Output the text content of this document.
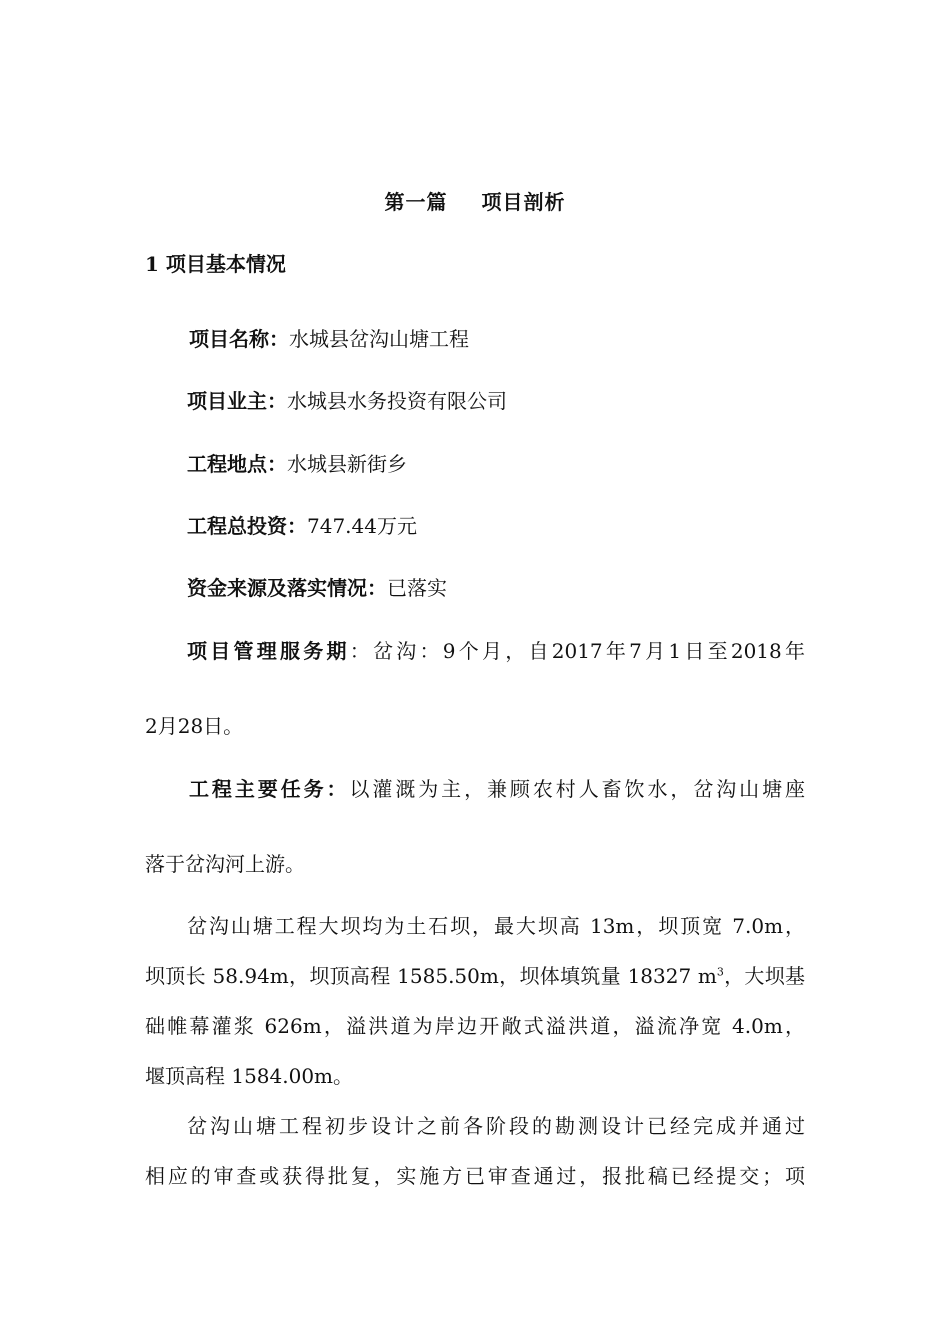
第一篇 项目剖析
1 项目基本情况
项目名称：水城县岔沟山塘工程
项目业主：水城县水务投资有限公司
工程地点：水城县新街乡
工程总投资：747.44万元
资金来源及落实情况：已落实
项目管理服务期：岔沟：9个月，自2017年7月1日至2018年
2月28日。
工程主要任务：以灌溉为主，兼顾农村人畜饮水，岔沟山塘座
落于岔沟河上游。
岔沟山塘工程大坝均为土石坝，最大坝高 13m，坝顶宽 7.0m，
坝顶长 58.94m，坝顶高程 1585.50m，坝体填筑量 18327 $m^3$，大坝基
础帷幕灌浆 626m，溢洪道为岸边开敞式溢洪道，溢流净宽 4.0m，
堰顶高程 1584.00m。
岔沟山塘工程初步设计之前各阶段的勘测设计已经完成并通过
相应的审查或获得批复，实施方已审查通过，报批稿已经提交；项
